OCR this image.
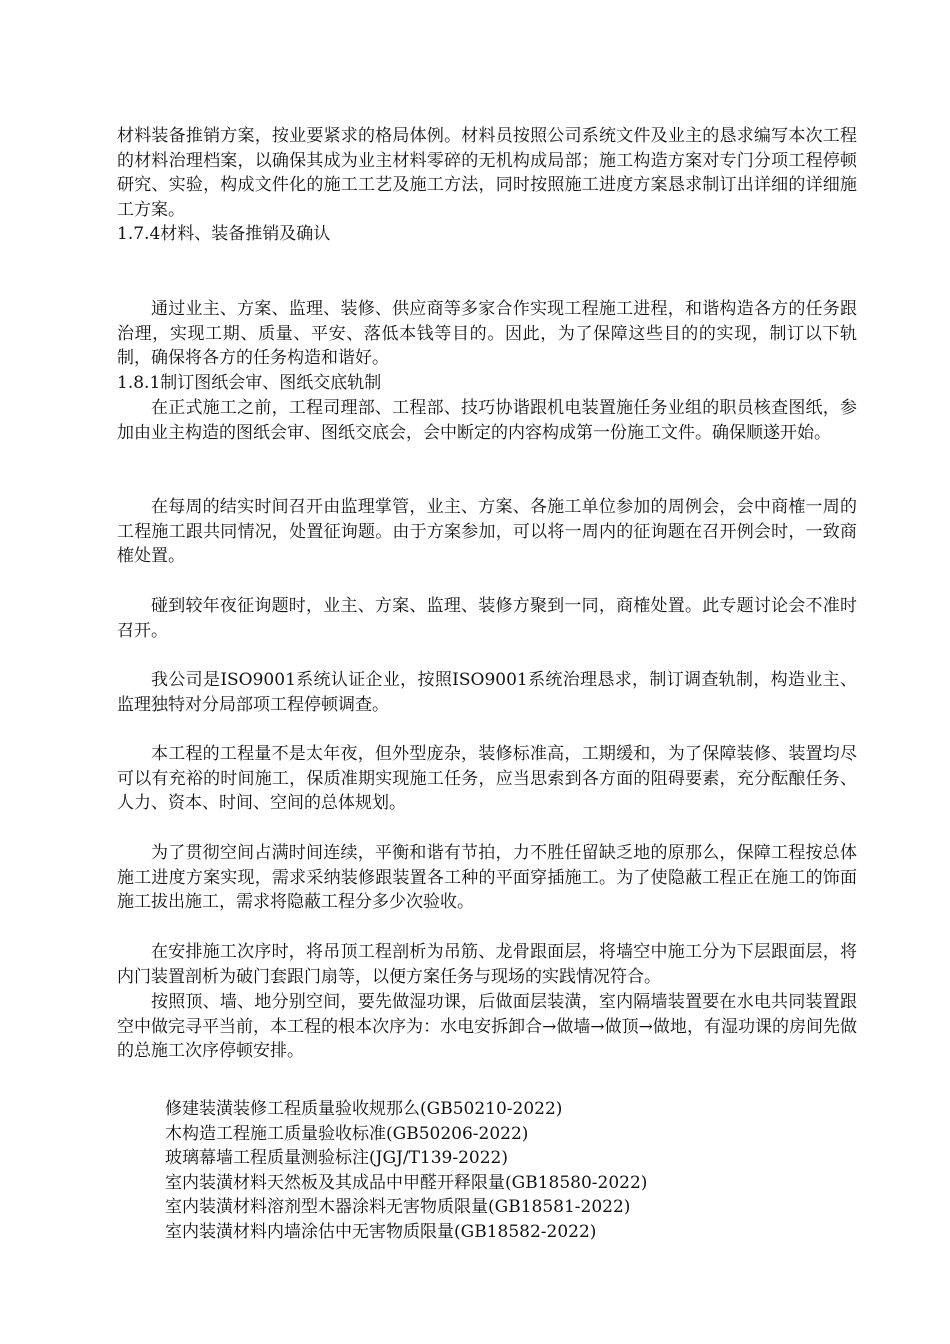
材料装备推销方案，按业要紧求的格局体例。材料员按照公司系统文件及业主的恳求编写本次工程的材料治理档案，以确保其成为业主材料零碎的无机构成局部；施工构造方案对专门分项工程停顿研究、实验，构成文件化的施工工艺及施工方法，同时按照施工进度方案恳求制订出详细的详细施工方案。

1.7.4材料、装备推销及确认

通过业主、方案、监理、装修、供应商等多家合作实现工程施工进程，和谐构造各方的任务跟治理，实现工期、质量、平安、落低本钱等目的。因此，为了保障这些目的的实现，制订以下轨制，确保将各方的任务构造和谐好。

1.8.1制订图纸会审、图纸交底轨制

在正式施工之前，工程司理部、工程部、技巧协谐跟机电装置施任务业组的职员核查图纸，参加由业主构造的图纸会审、图纸交底会，会中断定的内容构成第一份施工文件。确保顺遂开始。

在每周的结实时间召开由监理掌管，业主、方案、各施工单位参加的周例会，会中商榷一周的工程施工跟共同情况，处置征询题。由于方案参加，可以将一周内的征询题在召开例会时，一致商榷处置。

碰到较年夜征询题时，业主、方案、监理、装修方聚到一同，商榷处置。此专题讨论会不准时召开。

我公司是ISO9001系统认证企业，按照ISO9001系统治理恳求，制订调查轨制，构造业主、监理独特对分局部项工程停顿调查。

本工程的工程量不是太年夜，但外型庞杂，装修标准高，工期缓和，为了保障装修、装置均尽可以有充裕的时间施工，保质准期实现施工任务，应当思索到各方面的阻碍要素，充分酝酿任务、人力、资本、时间、空间的总体规划。

为了贯彻空间占满时间连续，平衡和谐有节拍，力不胜任留缺乏地的原那么，保障工程按总体施工进度方案实现，需求采纳装修跟装置各工种的平面穿插施工。为了使隐蔽工程正在施工的饰面施工拔出施工，需求将隐蔽工程分多少次验收。

在安排施工次序时，将吊顶工程剖析为吊筋、龙骨跟面层，将墙空中施工分为下层跟面层，将内门装置剖析为破门套跟门扇等，以便方案任务与现场的实践情况符合。

按照顶、墙、地分别空间，要先做湿功课，后做面层装潢，室内隔墙装置要在水电共同装置跟空中做完寻平当前，本工程的根本次序为：水电安拆卸合→做墙→做顶→做地，有湿功课的房间先做的总施工次序停顿安排。

修建装潢装修工程质量验收规那么(GB50210-2022)
木构造工程施工质量验收标准(GB50206-2022)
玻璃幕墙工程质量测验标注(JGJ/T139-2022)
室内装潢材料天然板及其成品中甲醛开释限量(GB18580-2022)
室内装潢材料溶剂型木器涂料无害物质限量(GB18581-2022)
室内装潢材料内墙涂估中无害物质限量(GB18582-2022)
